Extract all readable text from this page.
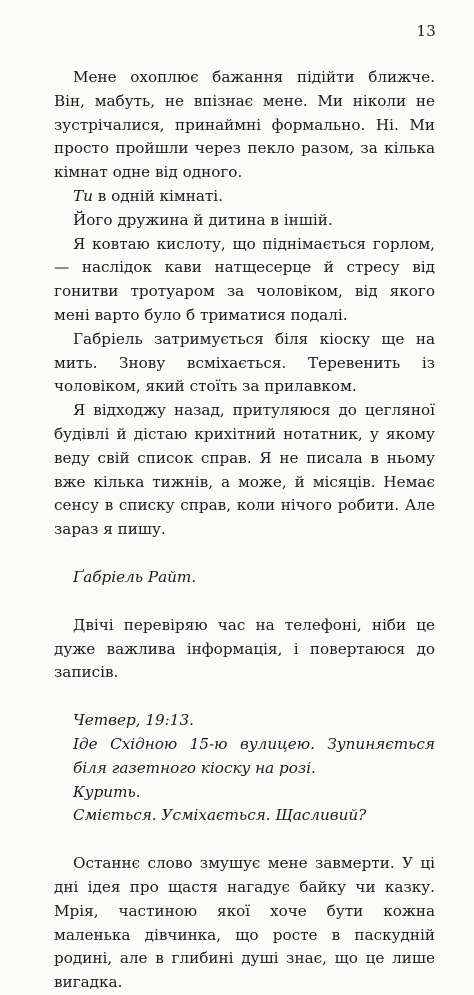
13

Мене охоплює бажання підійти ближче. Він, мабуть, не впізнає мене. Ми ніколи не зустрічалися, принаймні формально. Ні. Ми просто пройшли через пекло разом, за кілька кімнат одне від одного.

Ти в одній кімнаті.

Його дружина й дитина в іншій.

Я ковтаю кислоту, що піднімається горлом, — наслідок кави натщесерце й стресу від гонитви тротуаром за чоловіком, від якого мені варто було б триматися подалі.

Габріель затримується біля кіоску ще на мить. Знову всміхається. Теревенить із чоловіком, який стоїть за прилавком.

Я відходжу назад, притуляюся до цегляної будівлі й дістаю крихітний нотатник, у якому веду свій список справ. Я не писала в ньому вже кілька тижнів, а може, й місяців. Немає сенсу в списку справ, коли нічого робити. Але зараз я пишу.

Ґабріель Райт.

Двічі перевіряю час на телефоні, ніби це дуже важлива інформація, і повертаюся до записів.

Четвер, 19:13.
Іде Східною 15-ю вулицею. Зупиняється біля газетного кіоску на розі.
Курить.
Сміється. Усміхається. Щасливий?

Останнє слово змушує мене завмерти. У ці дні ідея про щастя нагадує байку чи казку. Мрія, частиною якої хоче бути кожна маленька дівчинка, що росте в паскудній родині, але в глибині душі знає, що це лише вигадка.
